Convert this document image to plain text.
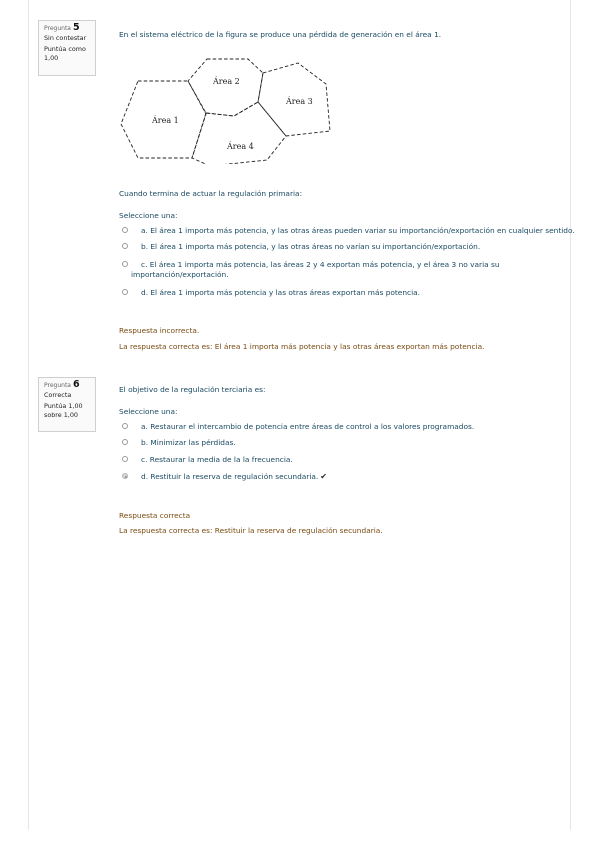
Pregunta 5
Sin contestar
Puntúa como 1,00
En el sistema eléctrico de la figura se produce una pérdida de generación en el área 1.
Área 1
Área 2
Área 3
Área 4
Cuando termina de actuar la regulación primaria:
Seleccione una:
a. El área 1 importa más potencia, y las otras áreas pueden variar su importanción/exportación en cualquier sentido.
b. El área 1 importa más potencia, y las otras áreas no varían su importanción/exportación.
c. El área 1 importa más potencia, las áreas 2 y 4 exportan más potencia, y el área 3 no varia su importanción/exportación.
d. El área 1 importa más potencia y las otras áreas exportan más potencia.
Respuesta incorrecta.
La respuesta correcta es: El área 1 importa más potencia y las otras áreas exportan más potencia.
Pregunta 6
Correcta
Puntúa 1,00 sobre 1,00
El objetivo de la regulación terciaria es:
Seleccione una:
a. Restaurar el intercambio de potencia entre áreas de control a los valores programados.
b. Minimizar las pérdidas.
c. Restaurar la media de la la frecuencia.
d. Restituir la reserva de regulación secundaria. ✔
Respuesta correcta
La respuesta correcta es: Restituir la reserva de regulación secundaria.
